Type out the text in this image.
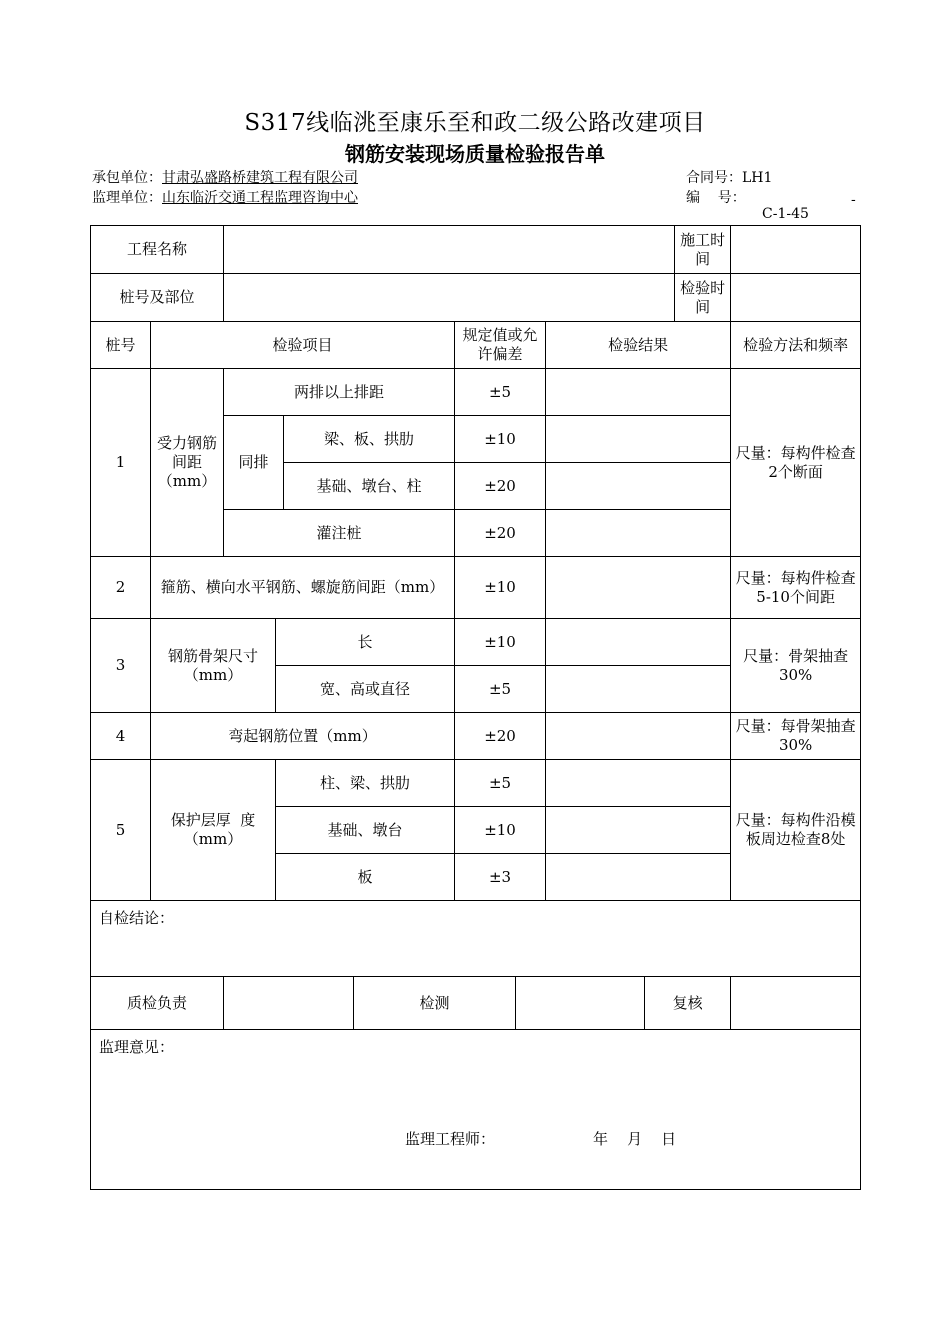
S317线临洮至康乐至和政二级公路改建项目
钢筋安装现场质量检验报告单
承包单位：甘肃弘盛路桥建筑工程有限公司
监理单位：山东临沂交通工程监理咨询中心
合同号：LH1
编    号：	-
C-1-45
工程名称										施工时间	
桩号及部位										检验时间	
桩号	检验项目					规定值或允许偏差		检验结果			检验方法和频率
1	受力钢筋间距（mm）	两排以上排距				±5					尺量：每构件检查2个断面
		同排		梁、板、拱肋		±10					
				基础、墩台、柱		±20					
		灌注桩				±20					
2	箍筋、横向水平钢筋、螺旋筋间距（mm）					±10					尺量：每构件检查5-10个间距
3	钢筋骨架尺寸（mm）		长			±10					尺量：骨架抽查30%
			宽、高或直径			±5					
4	弯起钢筋位置（mm）					±20					尺量：每骨架抽查30%
5	保护层厚  度（mm）		柱、梁、拱肋			±5					尺量：每构件沿模板周边检查8处
			基础、墩台			±10					
			板			±3					
自检结论：											
质检负责					检测				复核		
监理意见：											
监理工程师：	年    月    日
